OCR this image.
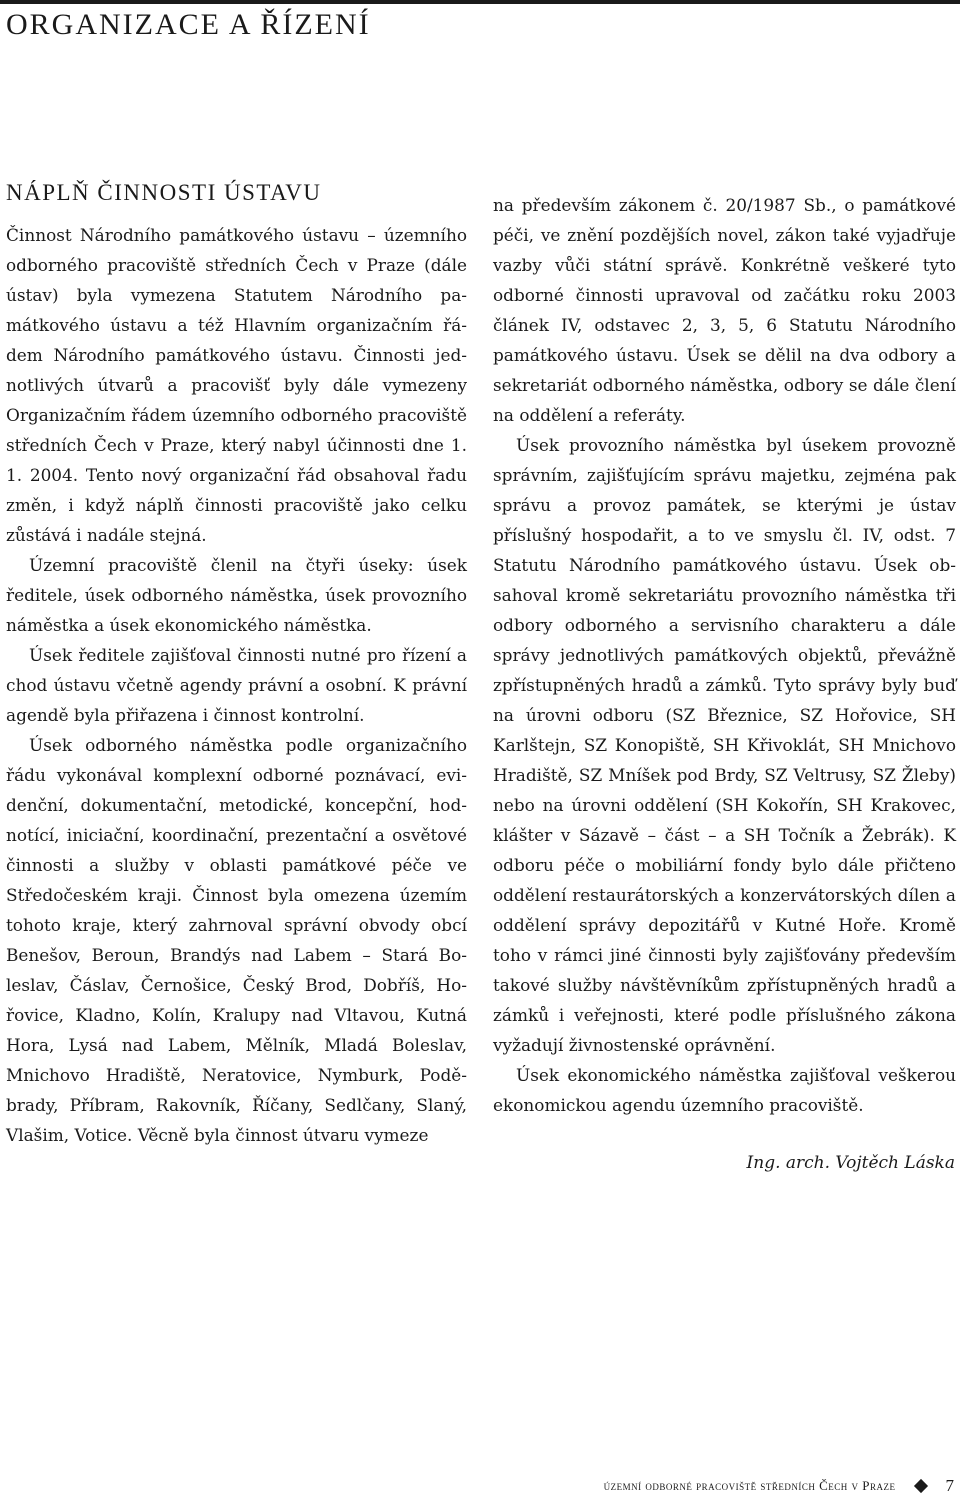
ORGANIZACE A ŘÍZENÍ
NÁPLŇ ČINNOSTI ÚSTAVU

Činnost Národního památkového ústavu – územního odborného pracoviště středních Čech v Praze (dále ústav) byla vymezena Statutem Národního památkového ústavu a též Hlavním organizačním řádem Národního památkového ústavu. Činnosti jednotlivých útvarů a pracovišť byly dále vymezeny Organizačním řádem územního odborného pracoviště středních Čech v Praze, který nabyl účinnosti dne 1. 1. 2004. Tento nový organizační řád obsahoval řadu změn, i když náplň činnosti pracoviště jako celku zůstává i nadále stejná.

Územní pracoviště členil na čtyři úseky: úsek ředitele, úsek odborného náměstka, úsek provozního náměstka a úsek ekonomického náměstka.

Úsek ředitele zajišťoval činnosti nutné pro řízení a chod ústavu včetně agendy právní a osobní. K právní agendě byla přiřazena i činnost kontrolní.

Úsek odborného náměstka podle organizačního řádu vykonával komplexní odborné poznávací, evidenční, dokumentační, metodické, koncepční, hodnotící, iniciační, koordinační, prezentační a osvětové činnosti a služby v oblasti památkové péče ve Středočeském kraji. Činnost byla omezena územím tohoto kraje, který zahrnoval správní obvody obcí Benešov, Beroun, Brandýs nad Labem – Stará Boleslav, Čáslav, Černošice, Český Brod, Dobříš, Hořovice, Kladno, Kolín, Kralupy nad Vltavou, Kutná Hora, Lysá nad Labem, Mělník, Mladá Boleslav, Mnichovo Hradiště, Neratovice, Nymburk, Poděbrady, Příbram, Rakovník, Říčany, Sedlčany, Slaný, Vlašim, Votice. Věcně byla činnost útvaru vymeze

na především zákonem č. 20/1987 Sb., o památkové péči, ve znění pozdějších novel, zákon také vyjadřuje vazby vůči státní správě. Konkrétně veškeré tyto odborné činnosti upravoval od začátku roku 2003 článek IV, odstavec 2, 3, 5, 6 Statutu Národního památkového ústavu. Úsek se dělil na dva odbory a sekretariát odborného náměstka, odbory se dále člení na oddělení a referáty.

Úsek provozního náměstka byl úsekem provozně správním, zajišťujícím správu majetku, zejména pak správu a provoz památek, se kterými je ústav příslušný hospodařit, a to ve smyslu čl. IV, odst. 7 Statutu Národního památkového ústavu. Úsek obsahoval kromě sekretariátu provozního náměstka tři odbory odborného a servisního charakteru a dále správy jednotlivých památkových objektů, převážně zpřístupněných hradů a zámků. Tyto správy byly buď na úrovni odboru (SZ Březnice, SZ Hořovice, SH Karlštejn, SZ Konopiště, SH Křivoklát, SH Mnichovo Hradiště, SZ Mníšek pod Brdy, SZ Veltrusy, SZ Žleby) nebo na úrovni oddělení (SH Kokořín, SH Krakovec, klášter v Sázavě – část – a SH Točník a Žebrák). K odboru péče o mobiliární fondy bylo dále přičteno oddělení restaurátorských a konzervátorských dílen a oddělení správy depozitářů v Kutné Hoře. Kromě toho v rámci jiné činnosti byly zajišťovány především takové služby návštěvníkům zpřístupněných hradů a zámků i veřejnosti, které podle příslušného zákona vyžadují živnostenské oprávnění.

Úsek ekonomického náměstka zajišťoval veškerou ekonomickou agendu územního pracoviště.

Ing. arch. Vojtěch Láska
územní odborné pracoviště středních Čech v Praze	7
